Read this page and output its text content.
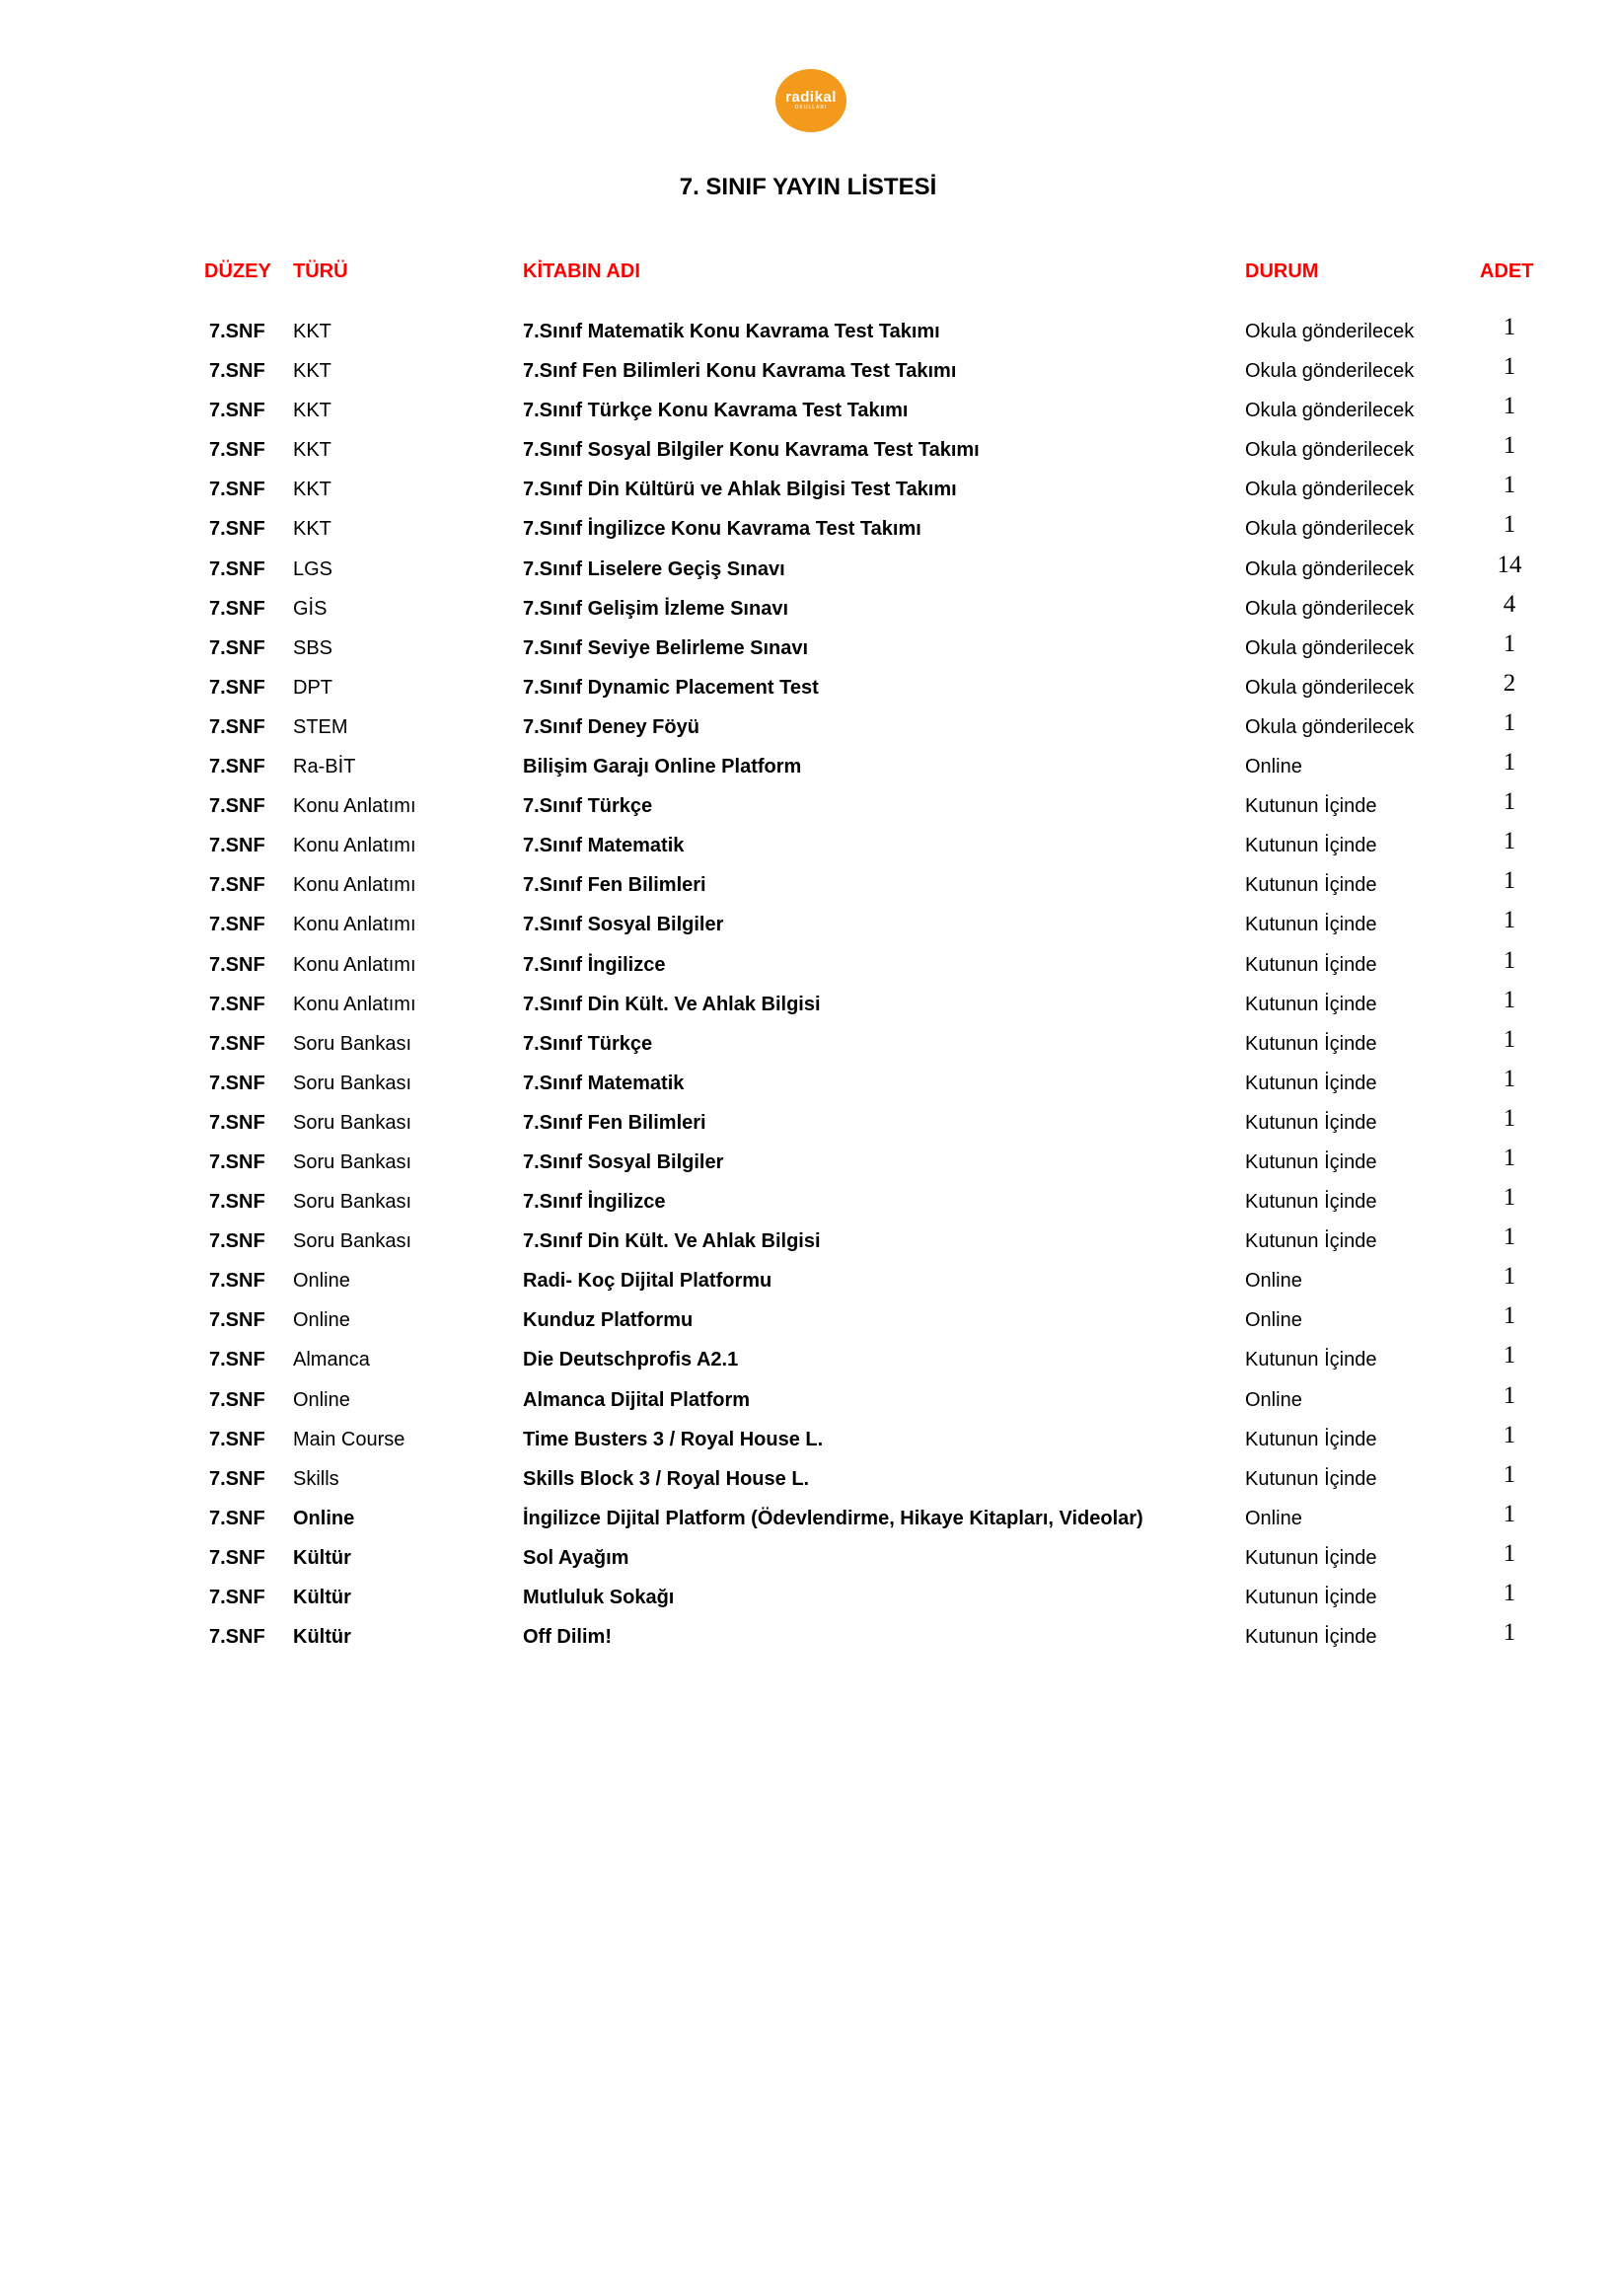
radikal
OKULLARI
7. SINIF YAYIN LİSTESİ
DÜZEY TÜRÜ	KİTABIN ADI	DURUM	ADET
7.SNF KKT	7.Sınıf Matematik Konu Kavrama Test Takımı	Okula gönderilecek	1
7.SNF KKT	7.Sınf Fen Bilimleri Konu Kavrama Test Takımı	Okula gönderilecek	1
7.SNF KKT	7.Sınıf Türkçe Konu Kavrama Test Takımı	Okula gönderilecek	1
7.SNF KKT	7.Sınıf Sosyal Bilgiler Konu Kavrama Test Takımı	Okula gönderilecek	1
7.SNF KKT	7.Sınıf Din Kültürü ve Ahlak Bilgisi Test Takımı	Okula gönderilecek	1
7.SNF KKT	7.Sınıf İngilizce Konu Kavrama Test Takımı	Okula gönderilecek	1
7.SNF LGS	7.Sınıf Liselere Geçiş Sınavı	Okula gönderilecek	14
7.SNF GİS	7.Sınıf Gelişim İzleme Sınavı	Okula gönderilecek	4
7.SNF SBS	7.Sınıf Seviye Belirleme Sınavı	Okula gönderilecek	1
7.SNF DPT	7.Sınıf Dynamic Placement Test	Okula gönderilecek	2
7.SNF STEM	7.Sınıf Deney Föyü	Okula gönderilecek	1
7.SNF Ra-BİT	Bilişim Garajı Online Platform	Online	1
7.SNF Konu Anlatımı	7.Sınıf Türkçe	Kutunun İçinde	1
7.SNF Konu Anlatımı	7.Sınıf Matematik	Kutunun İçinde	1
7.SNF Konu Anlatımı	7.Sınıf Fen Bilimleri	Kutunun İçinde	1
7.SNF Konu Anlatımı	7.Sınıf Sosyal Bilgiler	Kutunun İçinde	1
7.SNF Konu Anlatımı	7.Sınıf İngilizce	Kutunun İçinde	1
7.SNF Konu Anlatımı	7.Sınıf Din Kült. Ve Ahlak Bilgisi	Kutunun İçinde	1
7.SNF Soru Bankası	7.Sınıf Türkçe	Kutunun İçinde	1
7.SNF Soru Bankası	7.Sınıf Matematik	Kutunun İçinde	1
7.SNF Soru Bankası	7.Sınıf Fen Bilimleri	Kutunun İçinde	1
7.SNF Soru Bankası	7.Sınıf Sosyal Bilgiler	Kutunun İçinde	1
7.SNF Soru Bankası	7.Sınıf İngilizce	Kutunun İçinde	1
7.SNF Soru Bankası	7.Sınıf Din Kült. Ve Ahlak Bilgisi	Kutunun İçinde	1
7.SNF Online	Radi- Koç Dijital Platformu	Online	1
7.SNF Online	Kunduz Platformu	Online	1
7.SNF Almanca	Die Deutschprofis A2.1	Kutunun İçinde	1
7.SNF Online	Almanca Dijital Platform	Online	1
7.SNF Main Course	Time Busters 3 / Royal House L.	Kutunun İçinde	1
7.SNF Skills	Skills Block 3 / Royal House L.	Kutunun İçinde	1
7.SNF Online	İngilizce Dijital Platform (Ödevlendirme, Hikaye Kitapları, Videolar)	Online	1
7.SNF Kültür	Sol Ayağım	Kutunun İçinde	1
7.SNF Kültür	Mutluluk Sokağı	Kutunun İçinde	1
7.SNF Kültür	Off Dilim!	Kutunun İçinde	1
